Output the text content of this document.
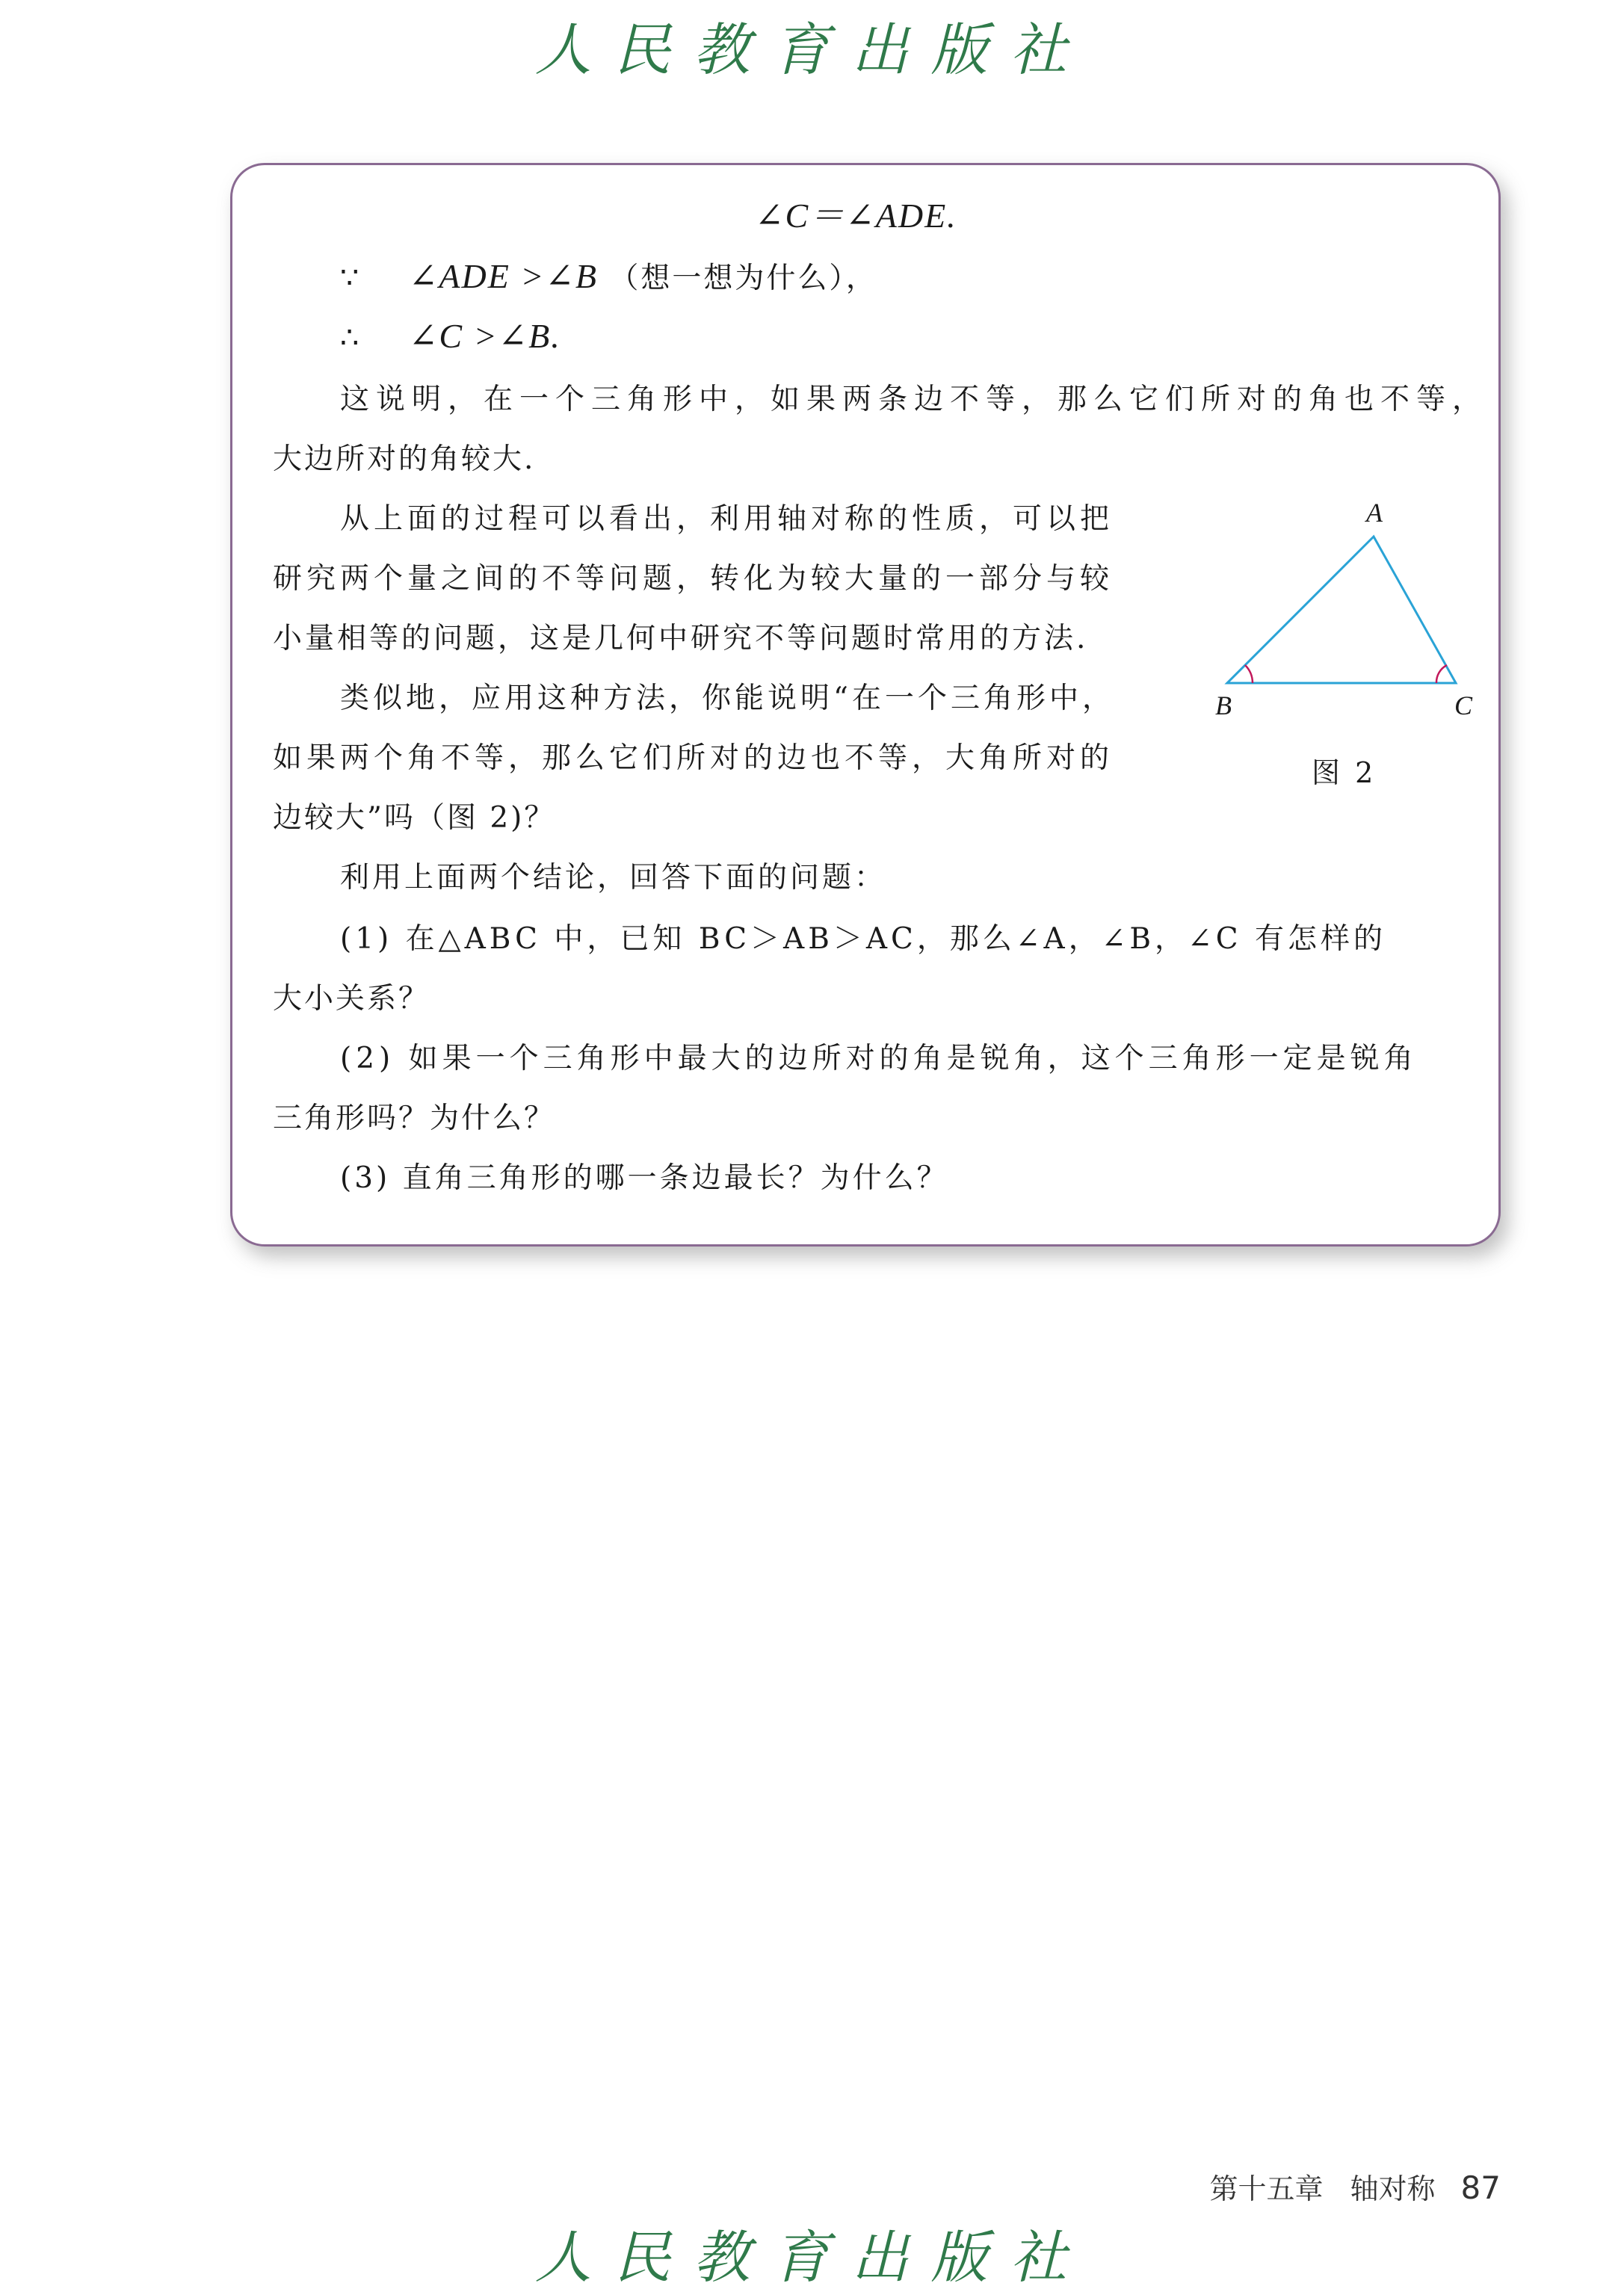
人民教育出版社
∠C＝∠ADE.
∵ ∠ADE >∠B （想一想为什么），
∴ ∠C >∠B.
这说明，在一个三角形中，如果两条边不等，那么它们所对的角也不等，
大边所对的角较大.
从上面的过程可以看出，利用轴对称的性质，可以把
研究两个量之间的不等问题，转化为较大量的一部分与较
小量相等的问题，这是几何中研究不等问题时常用的方法.
类似地，应用这种方法，你能说明“在一个三角形中，
如果两个角不等，那么它们所对的边也不等，大角所对的
边较大”吗（图 2)？
利用上面两个结论，回答下面的问题：
(1) 在△ABC 中，已知 BC＞AB＞AC，那么∠A，∠B，∠C 有怎样的
大小关系？
(2) 如果一个三角形中最大的边所对的角是锐角，这个三角形一定是锐角
三角形吗？为什么？
(3) 直角三角形的哪一条边最长？为什么？
A
B	C
图 2
第十五章 轴对称 87
人民教育出版社
